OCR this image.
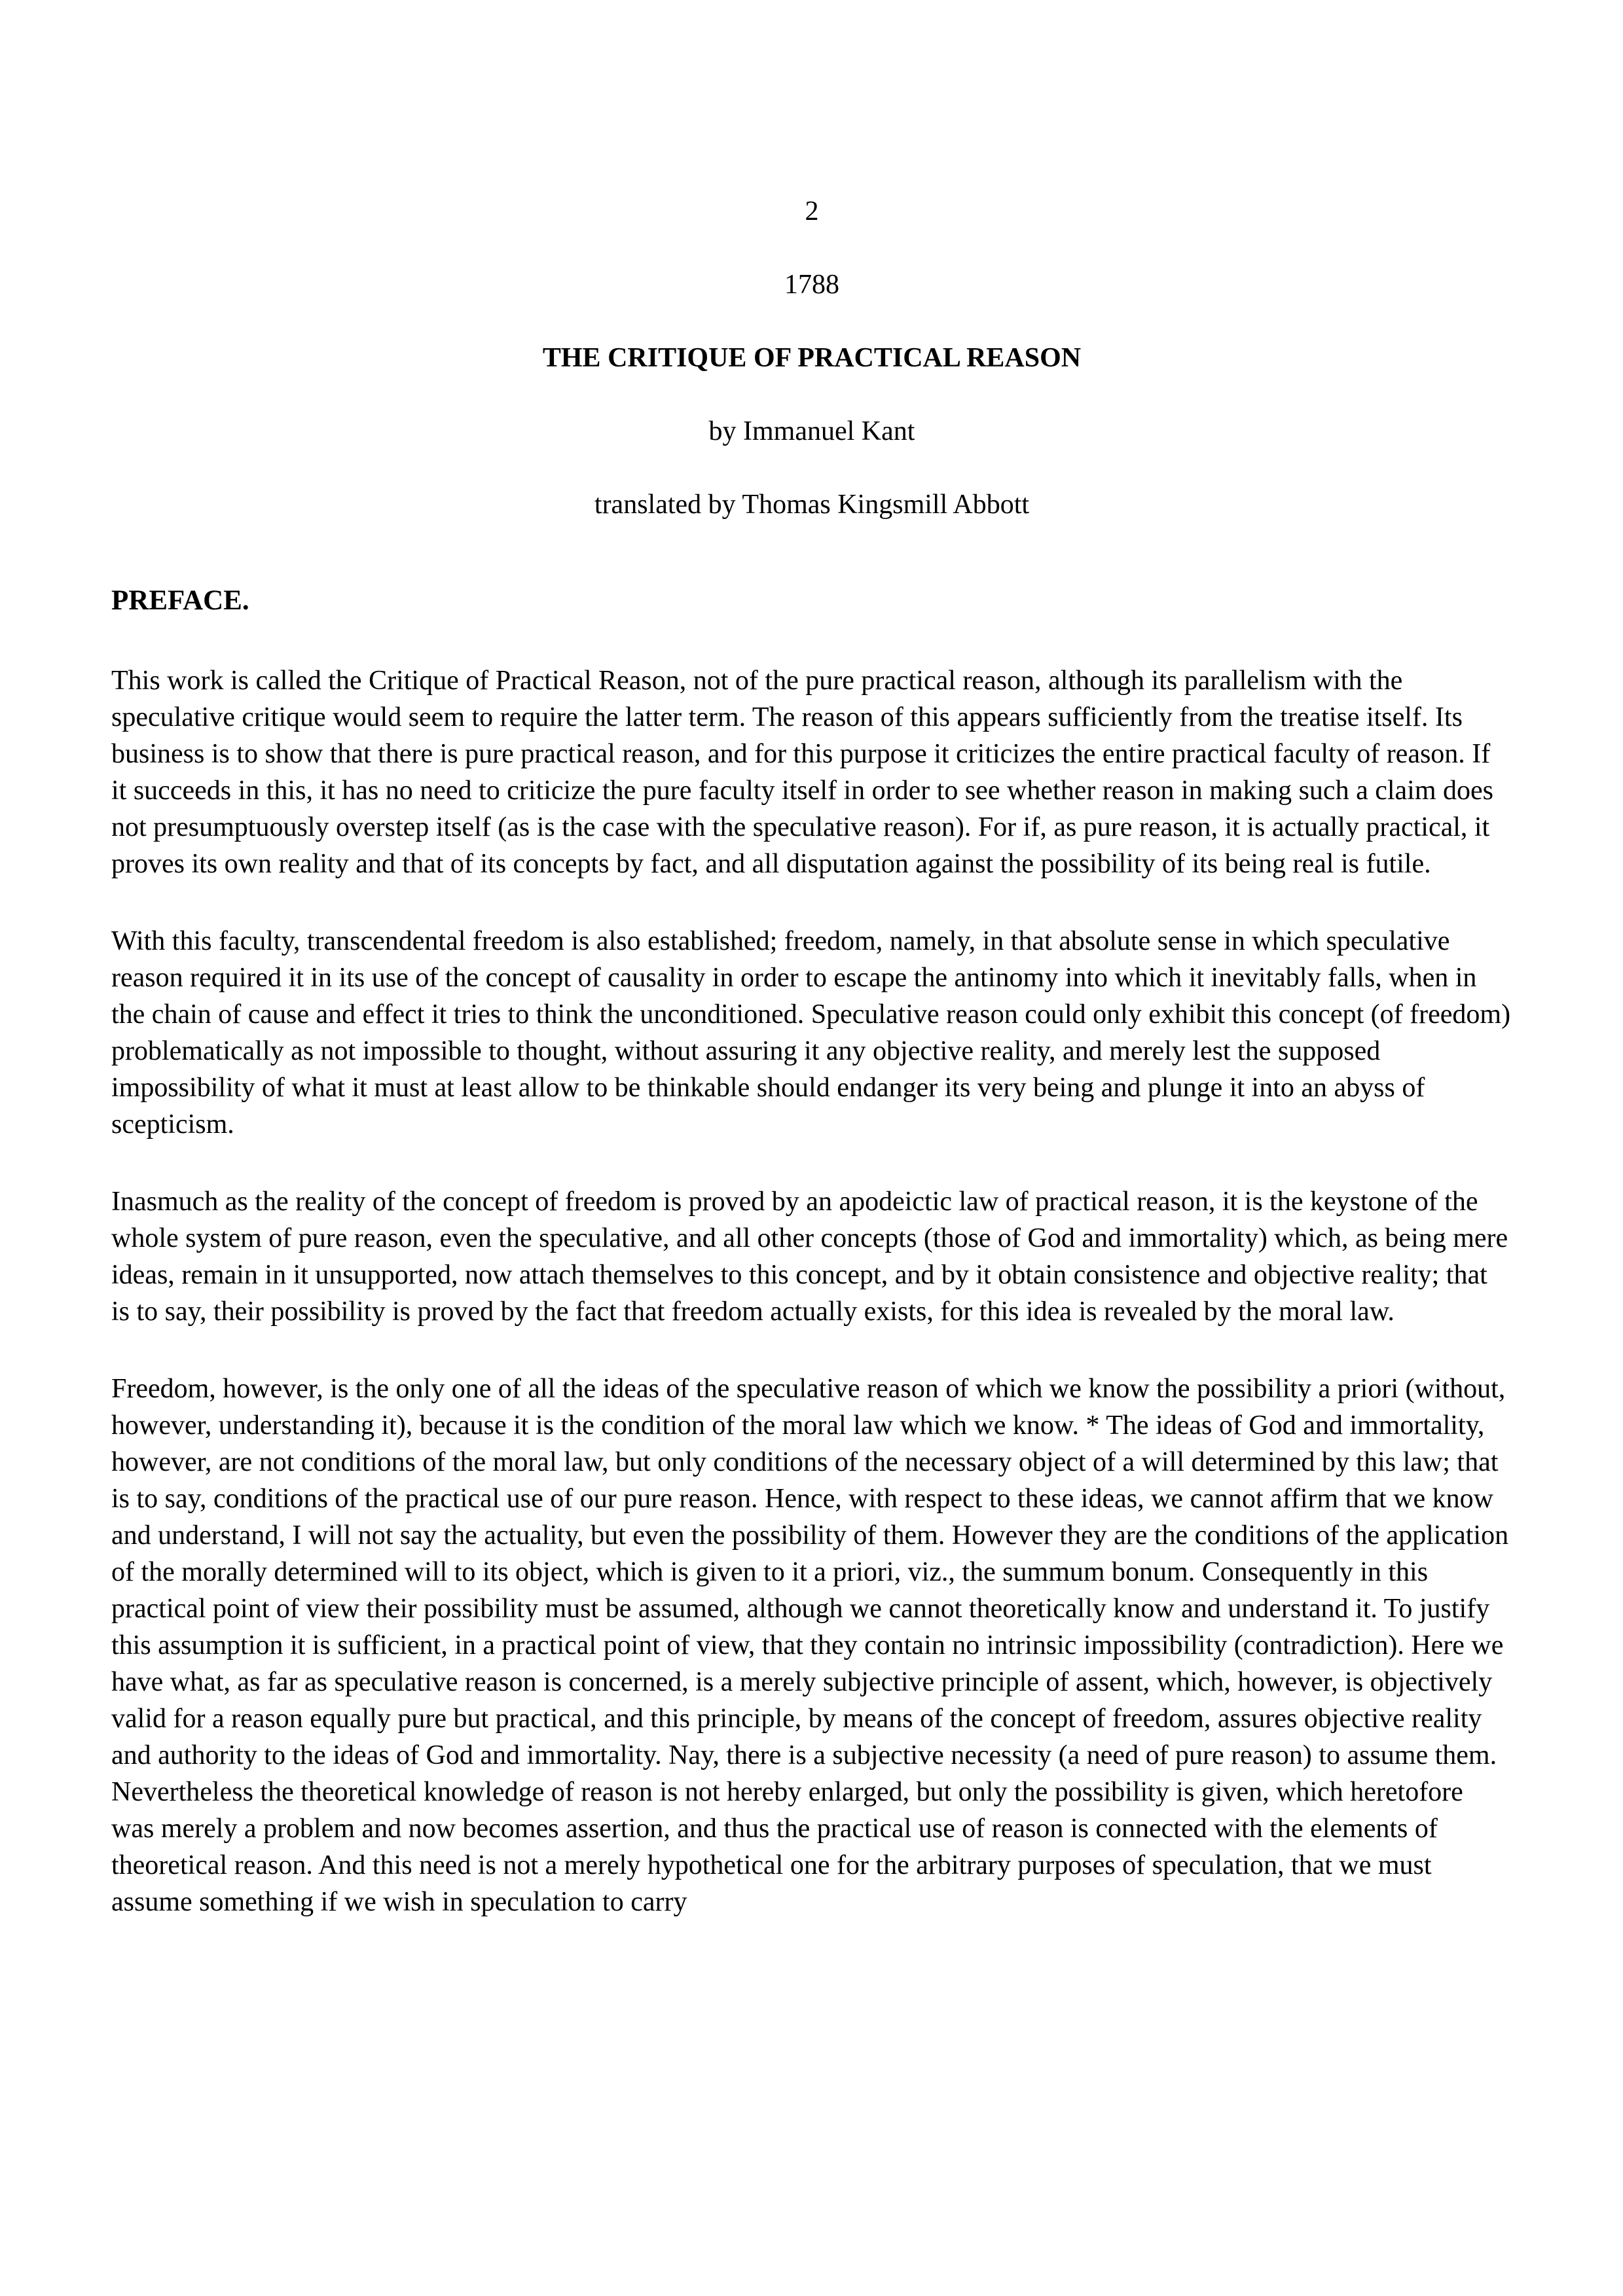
2
1788
THE CRITIQUE OF PRACTICAL REASON
by Immanuel Kant
translated by Thomas Kingsmill Abbott
PREFACE.

This work is called the Critique of Practical Reason, not of the pure practical reason, although its parallelism with the speculative critique would seem to require the latter term. The reason of this appears sufficiently from the treatise itself. Its business is to show that there is pure practical reason, and for this purpose it criticizes the entire practical faculty of reason. If it succeeds in this, it has no need to criticize the pure faculty itself in order to see whether reason in making such a claim does not presumptuously overstep itself (as is the case with the speculative reason). For if, as pure reason, it is actually practical, it proves its own reality and that of its concepts by fact, and all disputation against the possibility of its being real is futile.

With this faculty, transcendental freedom is also established; freedom, namely, in that absolute sense in which speculative reason required it in its use of the concept of causality in order to escape the antinomy into which it inevitably falls, when in the chain of cause and effect it tries to think the unconditioned. Speculative reason could only exhibit this concept (of freedom) problematically as not impossible to thought, without assuring it any objective reality, and merely lest the supposed impossibility of what it must at least allow to be thinkable should endanger its very being and plunge it into an abyss of scepticism.

Inasmuch as the reality of the concept of freedom is proved by an apodeictic law of practical reason, it is the keystone of the whole system of pure reason, even the speculative, and all other concepts (those of God and immortality) which, as being mere ideas, remain in it unsupported, now attach themselves to this concept, and by it obtain consistence and objective reality; that is to say, their possibility is proved by the fact that freedom actually exists, for this idea is revealed by the moral law.

Freedom, however, is the only one of all the ideas of the speculative reason of which we know the possibility a priori (without, however, understanding it), because it is the condition of the moral law which we know. * The ideas of God and immortality, however, are not conditions of the moral law, but only conditions of the necessary object of a will determined by this law; that is to say, conditions of the practical use of our pure reason. Hence, with respect to these ideas, we cannot affirm that we know and understand, I will not say the actuality, but even the possibility of them. However they are the conditions of the application of the morally determined will to its object, which is given to it a priori, viz., the summum bonum. Consequently in this practical point of view their possibility must be assumed, although we cannot theoretically know and understand it. To justify this assumption it is sufficient, in a practical point of view, that they contain no intrinsic impossibility (contradiction). Here we have what, as far as speculative reason is concerned, is a merely subjective principle of assent, which, however, is objectively valid for a reason equally pure but practical, and this principle, by means of the concept of freedom, assures objective reality and authority to the ideas of God and immortality. Nay, there is a subjective necessity (a need of pure reason) to assume them. Nevertheless the theoretical knowledge of reason is not hereby enlarged, but only the possibility is given, which heretofore was merely a problem and now becomes assertion, and thus the practical use of reason is connected with the elements of theoretical reason. And this need is not a merely hypothetical one for the arbitrary purposes of speculation, that we must assume something if we wish in speculation to carry
